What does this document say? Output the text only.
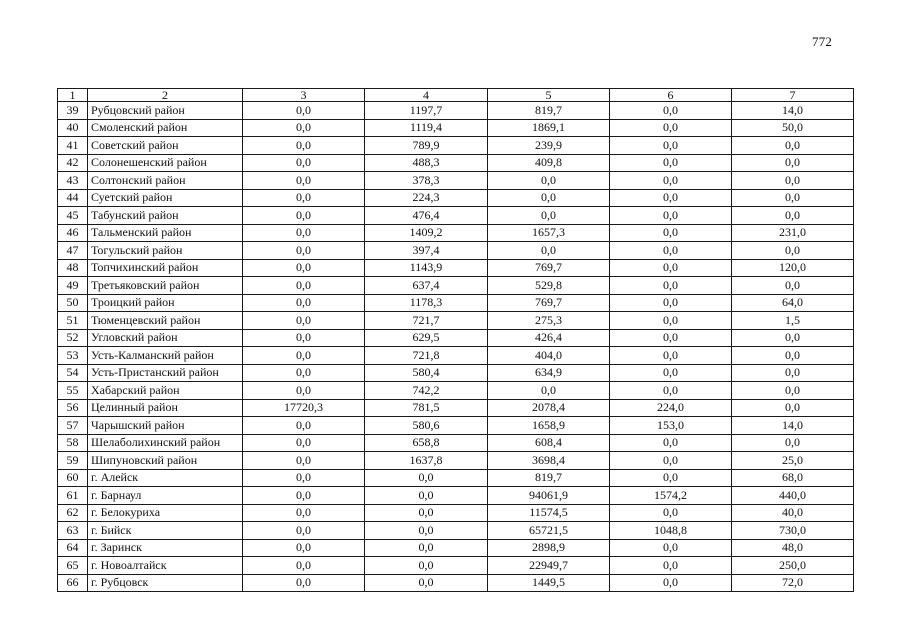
772
1	2	3	4	5	6	7
39	Рубцовский район	0,0	1197,7	819,7	0,0	14,0
40	Смоленский район	0,0	1119,4	1869,1	0,0	50,0
41	Советский район	0,0	789,9	239,9	0,0	0,0
42	Солонешенский район	0,0	488,3	409,8	0,0	0,0
43	Солтонский район	0,0	378,3	0,0	0,0	0,0
44	Суетский район	0,0	224,3	0,0	0,0	0,0
45	Табунский район	0,0	476,4	0,0	0,0	0,0
46	Тальменский район	0,0	1409,2	1657,3	0,0	231,0
47	Тогульский район	0,0	397,4	0,0	0,0	0,0
48	Топчихинский район	0,0	1143,9	769,7	0,0	120,0
49	Третьяковский район	0,0	637,4	529,8	0,0	0,0
50	Троицкий район	0,0	1178,3	769,7	0,0	64,0
51	Тюменцевский район	0,0	721,7	275,3	0,0	1,5
52	Угловский район	0,0	629,5	426,4	0,0	0,0
53	Усть-Калманский район	0,0	721,8	404,0	0,0	0,0
54	Усть-Пристанский район	0,0	580,4	634,9	0,0	0,0
55	Хабарский район	0,0	742,2	0,0	0,0	0,0
56	Целинный район	17720,3	781,5	2078,4	224,0	0,0
57	Чарышский район	0,0	580,6	1658,9	153,0	14,0
58	Шелаболихинский район	0,0	658,8	608,4	0,0	0,0
59	Шипуновский район	0,0	1637,8	3698,4	0,0	25,0
60	г. Алейск	0,0	0,0	819,7	0,0	68,0
61	г. Барнаул	0,0	0,0	94061,9	1574,2	440,0
62	г. Белокуриха	0,0	0,0	11574,5	0,0	40,0
63	г. Бийск	0,0	0,0	65721,5	1048,8	730,0
64	г. Заринск	0,0	0,0	2898,9	0,0	48,0
65	г. Новоалтайск	0,0	0,0	22949,7	0,0	250,0
66	г. Рубцовск	0,0	0,0	1449,5	0,0	72,0
